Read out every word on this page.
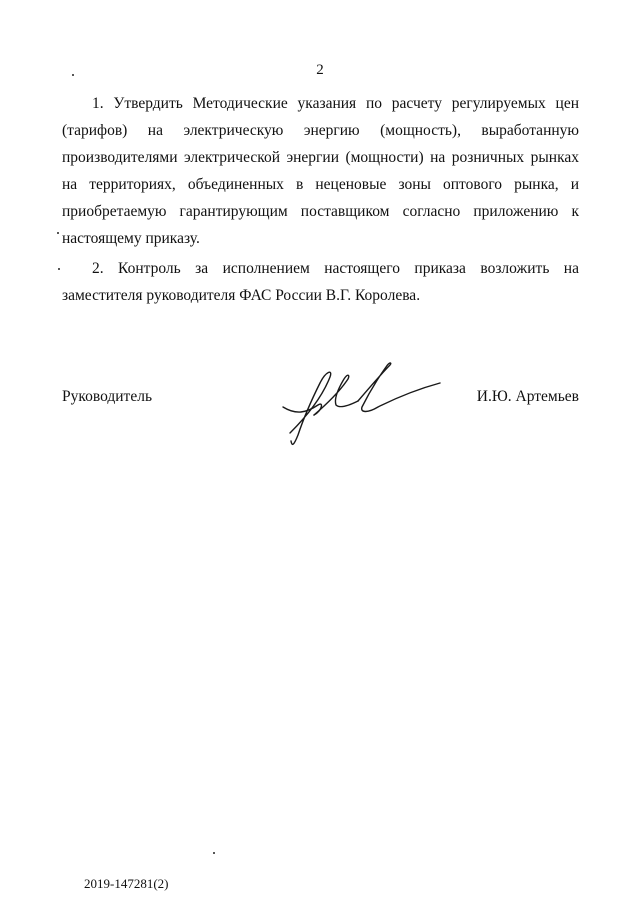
2

1. Утвердить Методические указания по расчету регулируемых цен (тарифов) на электрическую энергию (мощность), выработанную производителями электрической энергии (мощности) на розничных рынках на территориях, объединенных в неценовые зоны оптового рынка, и приобретаемую гарантирующим поставщиком согласно приложению к настоящему приказу.

2. Контроль за исполнением настоящего приказа возложить на заместителя руководителя ФАС России В.Г. Королева.

Руководитель	И.Ю. Артемьев
2019-147281(2)
